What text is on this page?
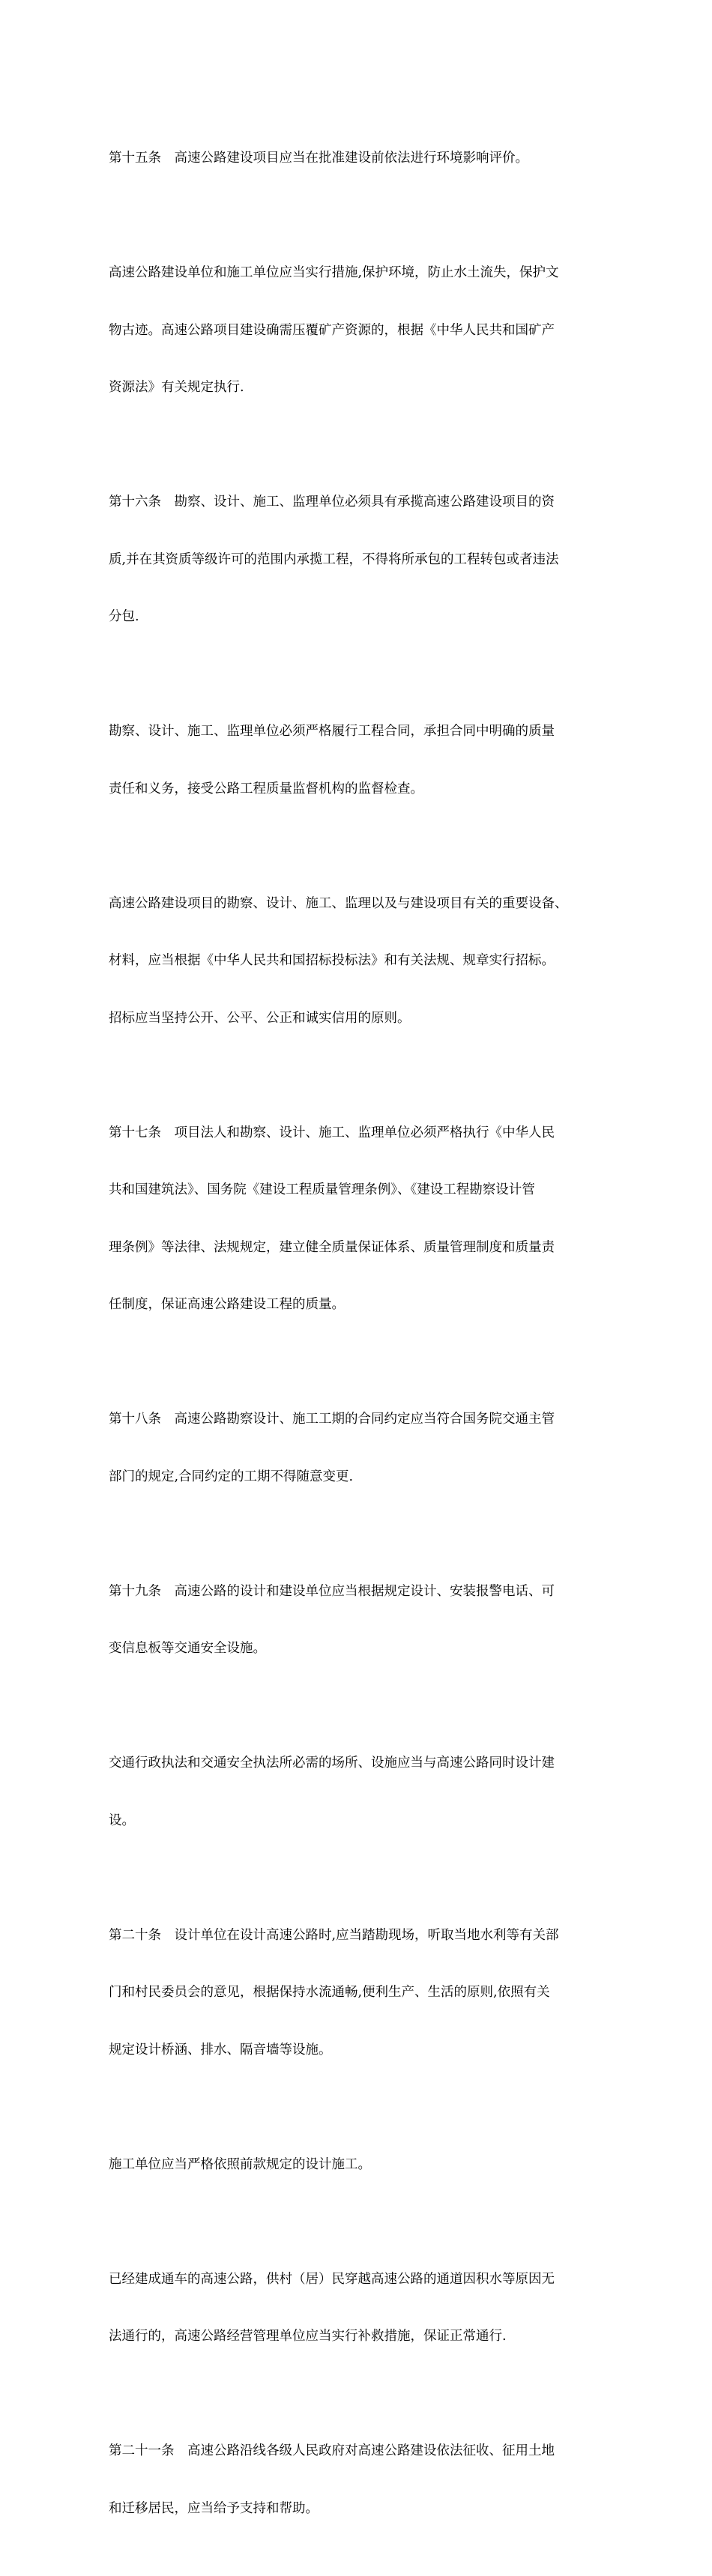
第十五条　高速公路建设项目应当在批准建设前依法进行环境影响评价。

高速公路建设单位和施工单位应当实行措施,保护环境，防止水土流失，保护文

物古迹。高速公路项目建设确需压覆矿产资源的，根据《中华人民共和国矿产

资源法》有关规定执行.

第十六条　勘察、设计、施工、监理单位必须具有承揽高速公路建设项目的资

质,并在其资质等级许可的范围内承揽工程，不得将所承包的工程转包或者违法

分包.

勘察、设计、施工、监理单位必须严格履行工程合同，承担合同中明确的质量

责任和义务，接受公路工程质量监督机构的监督检查。

高速公路建设项目的勘察、设计、施工、监理以及与建设项目有关的重要设备、

材料，应当根据《中华人民共和国招标投标法》和有关法规、规章实行招标。

招标应当坚持公开、公平、公正和诚实信用的原则。

第十七条　项目法人和勘察、设计、施工、监理单位必须严格执行《中华人民

共和国建筑法》、国务院《建设工程质量管理条例》、《建设工程勘察设计管

理条例》等法律、法规规定，建立健全质量保证体系、质量管理制度和质量责

任制度，保证高速公路建设工程的质量。

第十八条　高速公路勘察设计、施工工期的合同约定应当符合国务院交通主管

部门的规定,合同约定的工期不得随意变更.

第十九条　高速公路的设计和建设单位应当根据规定设计、安装报警电话、可

变信息板等交通安全设施。

交通行政执法和交通安全执法所必需的场所、设施应当与高速公路同时设计建

设。

第二十条　设计单位在设计高速公路时,应当踏勘现场，听取当地水利等有关部

门和村民委员会的意见，根据保持水流通畅,便利生产、生活的原则,依照有关

规定设计桥涵、排水、隔音墙等设施。

施工单位应当严格依照前款规定的设计施工。

已经建成通车的高速公路，供村（居）民穿越高速公路的通道因积水等原因无

法通行的，高速公路经营管理单位应当实行补救措施，保证正常通行.

第二十一条　高速公路沿线各级人民政府对高速公路建设依法征收、征用土地

和迁移居民，应当给予支持和帮助。
